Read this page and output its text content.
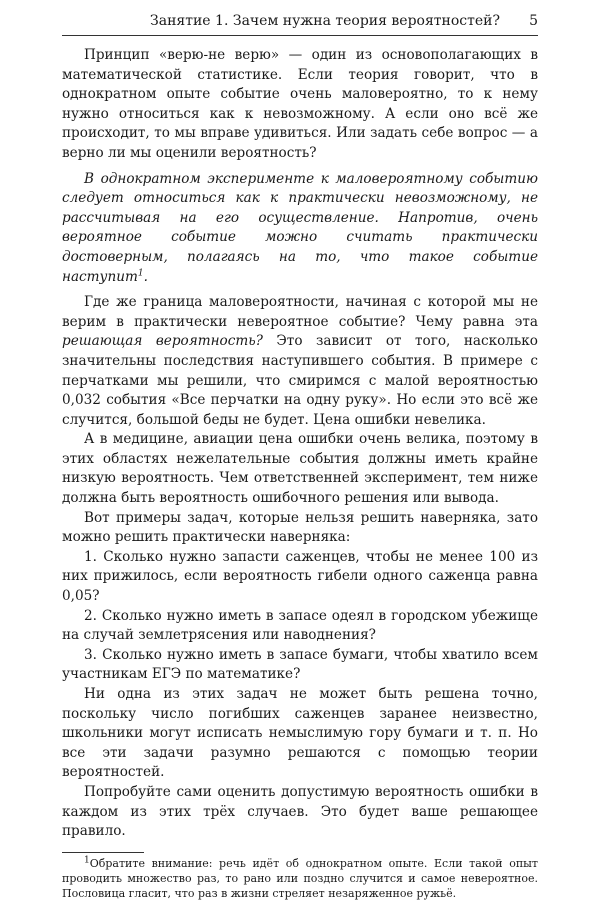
Занятие 1. Зачем нужна теория вероятностей? 5

Принцип «верю-не верю» — один из основополагающих в математической статистике. Если теория говорит, что в однократном опыте событие очень маловероятно, то к нему нужно относиться как к невозможному. А если оно всё же происходит, то мы вправе удивиться. Или задать себе вопрос — а верно ли мы оценили вероятность?

В однократном эксперименте к маловероятному событию следует относиться как к практически невозможному, не рассчитывая на его осуществление. Напротив, очень вероятное событие можно считать практически достоверным, полагаясь на то, что такое событие наступит$^1$.

Где же граница маловероятности, начиная с которой мы не верим в практически невероятное событие? Чему равна эта решающая вероятность? Это зависит от того, насколько значительны последствия наступившего события. В примере с перчатками мы решили, что смиримся с малой вероятностью 0,032 события «Все перчатки на одну руку». Но если это всё же случится, большой беды не будет. Цена ошибки невелика.

А в медицине, авиации цена ошибки очень велика, поэтому в этих областях нежелательные события должны иметь крайне низкую вероятность. Чем ответственней эксперимент, тем ниже должна быть вероятность ошибочного решения или вывода.

Вот примеры задач, которые нельзя решить наверняка, зато можно решить практически наверняка:

1. Сколько нужно запасти саженцев, чтобы не менее 100 из них прижилось, если вероятность гибели одного саженца равна 0,05?

2. Сколько нужно иметь в запасе одеял в городском убежище на случай землетрясения или наводнения?

3. Сколько нужно иметь в запасе бумаги, чтобы хватило всем участникам ЕГЭ по математике?

Ни одна из этих задач не может быть решена точно, поскольку число погибших саженцев заранее неизвестно, школьники могут исписать немыслимую гору бумаги и т. п. Но все эти задачи разумно решаются с помощью теории вероятностей.

Попробуйте сами оценить допустимую вероятность ошибки в каждом из этих трёх случаев. Это будет ваше решающее правило.

$^1$Обратите внимание: речь идёт об однократном опыте. Если такой опыт проводить множество раз, то рано или поздно случится и самое невероятное. Пословица гласит, что раз в жизни стреляет незаряженное ружьё.
